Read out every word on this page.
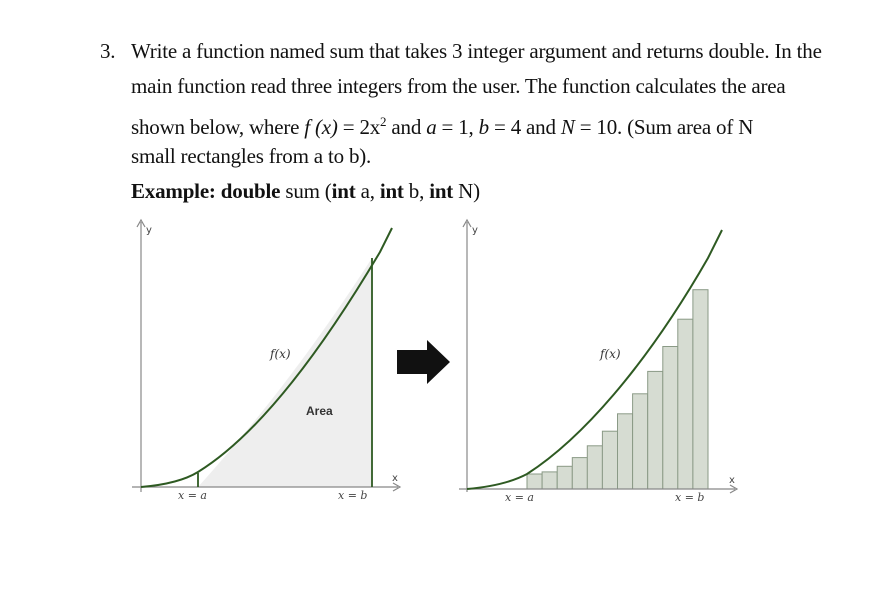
3. Write a function named sum that takes 3 integer argument and returns double. In the
main function read three integers from the user. The function calculates the area
shown below, where f $(x) = 2x^2$ and a = 1, b = 4 and N = 10. (Sum area of N
small rectangles from a to b).
Example: double sum (int a, int b, int N)
y
x
x = a	x = b
f(x)
Area
y
x
x = a	x = b
f(x)
